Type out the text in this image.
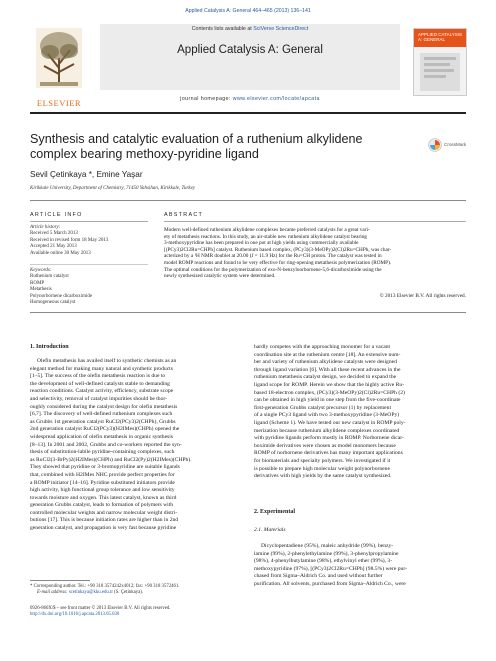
Applied Catalysis A: General 464–465 (2013) 136–141
ELSEVIER
Contents lists available at SciVerse ScienceDirect
Applied Catalysis A: General
journal homepage: www.elsevier.com/locate/apcata
APPLIED CATALYSIS A: GENERAL
Synthesis and catalytic evaluation of a ruthenium alkylidene complex bearing methoxy-pyridine ligand
CrossMark
Sevil Çetinkaya *, Emine Yaşar
Kirikkale University, Department of Chemistry, 71450 Yahsihan, Kirikkale, Turkey
ARTICLE INFO
Article history:
Received 5 March 2013
Received in revised form 18 May 2013
Accepted 21 May 2013
Available online 30 May 2013
Keywords:
Ruthenium catalyst
ROMP
Metathesis
Polynorbornene dicarboximide
Homogeneous catalyst
ABSTRACT
Modern well-defined ruthenium alkylidene complexes became preferred catalysts for a great vari-
ety of metathesis reactions. In this study, an air-stable new ruthenium alkylidene catalyst bearing
3-methoxypyridine has been prepared in one pot at high yields using commercially available
[(PCy3)2Cl2Ru=CHPh] catalyst. Ruthenium based complex, (PCy3)(3-MeOPy)2(Cl)2Ru=CHPh, was char-
acterized by a ¹H NMR doublet at 20.00 (J = 11.9 Hz) for the Ru=CH proton. The catalyst was tested in
model ROMP reactions and found to be very effective for ring-opening metathesis polymerization (ROMP).
The optimal conditions for the polymerization of exo-N-benzylnorbornene-5,6-dicarboximide using the
newly synthesized catalytic system were determined.
© 2013 Elsevier B.V. All rights reserved.
1. Introduction
Olefin metathesis has availed itself to synthetic chemists as an
elegant method for making many natural and synthetic products
[1–5]. The success of the olefin metathesis reaction is due to
the development of well-defined catalysts stable to demanding
reaction conditions. Catalyst activity, efficiency, substrate scope
and selectivity, removal of catalyst impurities should be thor-
oughly considered during the catalyst design for olefin metathesis
[6,7]. The discovery of well-defined ruthenium complexes such
as Grubbs 1st generation catalyst RuCl2(PCy3)2(CHPh), Grubbs
2nd generation catalyst RuCl2(PCy3)(H2IMes)(CHPh) opened the
widespread application of olefin metathesis in organic synthesis
[8–13]. In 2001 and 2002, Grubbs and co-workers reported the syn-
thesis of substitution-labile pyridine-containing complexes, such
as RuCl2(3-BrPy)2(H2IMes)(CHPh) and RuCl2(Py)2(H2IMes)(CHPh).
They showed that pyridine or 3-bromopyridine are suitable ligands
that, combined with H2IMes NHC provide perfect properties for
a ROMP initiator [14–16]. Pyridine substituted initiators provide
high activity, high functional group tolerance and low sensitivity
towards moisture and oxygen. This latest catalyst, known as third
generation Grubbs catalyst, leads to formation of polymers with
controlled molecular weights and narrow molecular weight distri-
butions [17]. This is because initiation rates are higher than in 2nd
generation catalyst, and propagation is very fast because pyridine
hardly competes with the approaching monomer for a vacant
coordination site at the ruthenium centre [18]. An extensive num-
ber and variety of ruthenium alkylidene catalysts were designed
through ligand variation [6]. With all these recent advances in the
ruthenium metathesis catalyst design, we decided to expand the
ligand scope for ROMP. Herein we show that the highly active Ru-
based 18-electron complex, (PCy3)(3-MeOPy)2(Cl)2Ru=CHPh (2)
can be obtained in high yield in one step from the five-coordinate
first-generation Grubbs catalyst precursor (1) by replacement
of a single PCy3 ligand with two 3-methoxypyridine (3-MeOPy)
ligand (Scheme 1). We have tested our new catalyst in ROMP poly-
merization because ruthenium alkylidene complexes coordinated
with pyridine ligands perform mostly in ROMP. Norbornene dicar-
boximide derivatives were chosen as model monomers because
ROMP of norbornene derivatives has many important applications
for biomaterials and specialty polymers. We investigated if it
is possible to prepare high molecular weight polynorbornene
derivatives with high yields by the same catalyst synthesized.
2. Experimental
2.1. Materials
Dicyclopentadiene (95%), maleic anhydride (99%), benzy-
lamine (99%), 2-phenylethylamine (99%), 3-phenylpropylamine
(98%), 4-phenylbutylamine (98%), ethylvinyl ether (99%), 3-
methoxypyridine (97%), [(PCy3)2Cl2Ru=CHPh] (98.5%) were pur-
chased from Sigma–Aldrich Co. and used without further
purification. All solvents, purchased from Sigma–Aldrich Co., were
* Corresponding author. Tel.: +90 318 3574242x4012; fax: +90 318 3572461.
E-mail address: scetinkaya@kku.edu.tr (S. Çetinkaya).
0926-860X/$ – see front matter © 2013 Elsevier B.V. All rights reserved.
http://dx.doi.org/10.1016/j.apcata.2013.05.030
